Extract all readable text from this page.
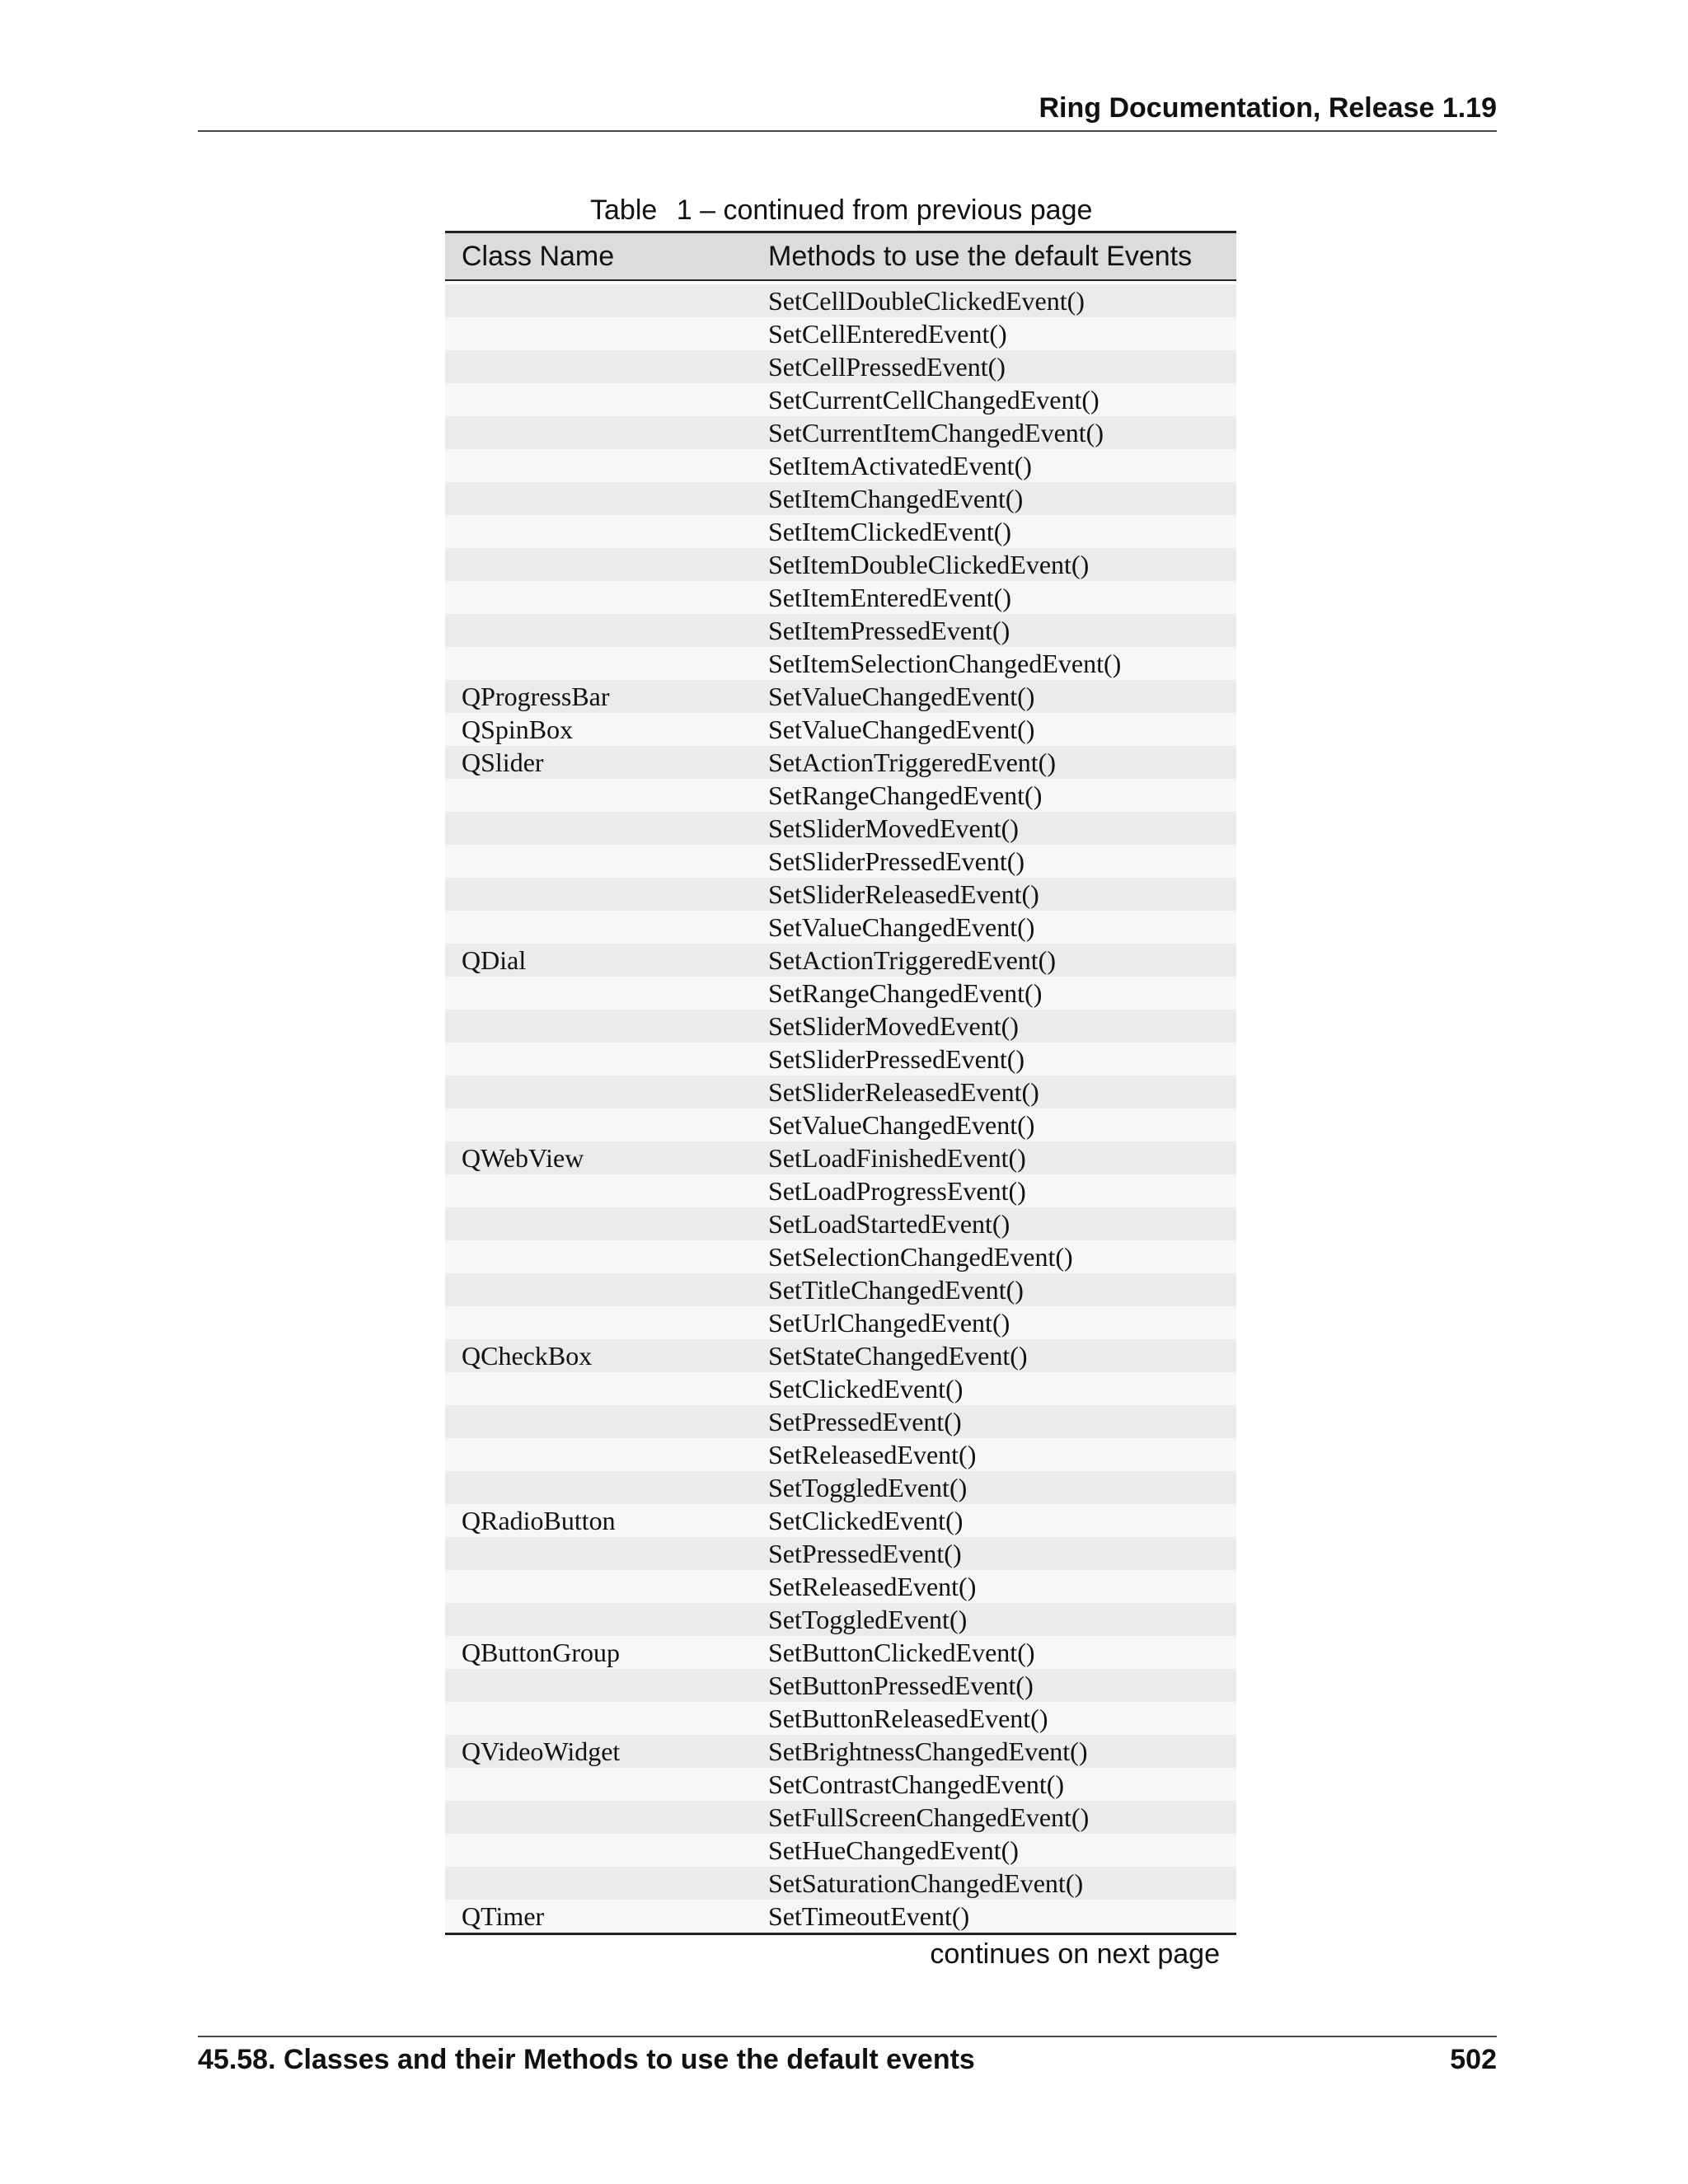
Ring Documentation, Release 1.19
Table 1 – continued from previous page
Class Name	Methods to use the default Events
SetCellDoubleClickedEvent()
SetCellEnteredEvent()
SetCellPressedEvent()
SetCurrentCellChangedEvent()
SetCurrentItemChangedEvent()
SetItemActivatedEvent()
SetItemChangedEvent()
SetItemClickedEvent()
SetItemDoubleClickedEvent()
SetItemEnteredEvent()
SetItemPressedEvent()
SetItemSelectionChangedEvent()
QProgressBar	SetValueChangedEvent()
QSpinBox	SetValueChangedEvent()
QSlider	SetActionTriggeredEvent()
SetRangeChangedEvent()
SetSliderMovedEvent()
SetSliderPressedEvent()
SetSliderReleasedEvent()
SetValueChangedEvent()
QDial	SetActionTriggeredEvent()
SetRangeChangedEvent()
SetSliderMovedEvent()
SetSliderPressedEvent()
SetSliderReleasedEvent()
SetValueChangedEvent()
QWebView	SetLoadFinishedEvent()
SetLoadProgressEvent()
SetLoadStartedEvent()
SetSelectionChangedEvent()
SetTitleChangedEvent()
SetUrlChangedEvent()
QCheckBox	SetStateChangedEvent()
SetClickedEvent()
SetPressedEvent()
SetReleasedEvent()
SetToggledEvent()
QRadioButton	SetClickedEvent()
SetPressedEvent()
SetReleasedEvent()
SetToggledEvent()
QButtonGroup	SetButtonClickedEvent()
SetButtonPressedEvent()
SetButtonReleasedEvent()
QVideoWidget	SetBrightnessChangedEvent()
SetContrastChangedEvent()
SetFullScreenChangedEvent()
SetHueChangedEvent()
SetSaturationChangedEvent()
QTimer	SetTimeoutEvent()
continues on next page
45.58. Classes and their Methods to use the default events	502
